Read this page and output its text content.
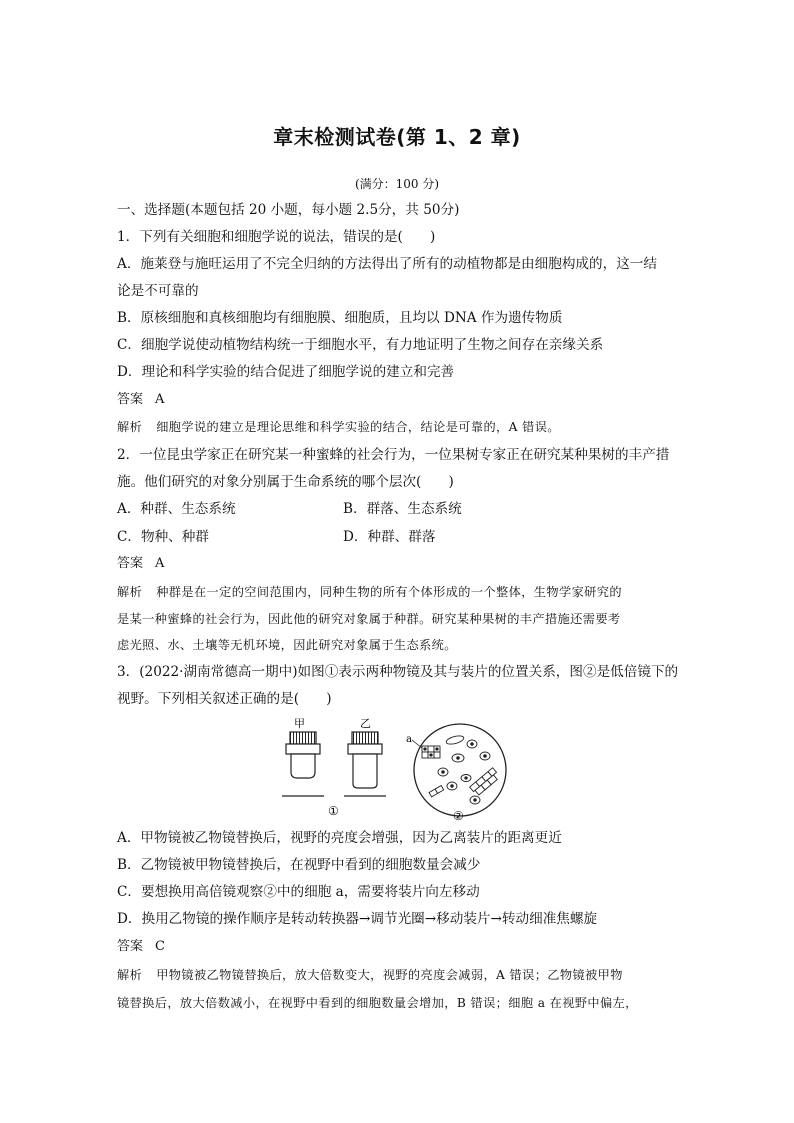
章末检测试卷(第 1、2 章)
(满分：100 分)
一、选择题(本题包括 20 小题，每小题 2.5分，共 50分)
1．下列有关细胞和细胞学说的说法，错误的是(　　)
A．施莱登与施旺运用了不完全归纳的方法得出了所有的动植物都是由细胞构成的，这一结
论是不可靠的
B．原核细胞和真核细胞均有细胞膜、细胞质，且均以 DNA 作为遗传物质
C．细胞学说使动植物结构统一于细胞水平，有力地证明了生物之间存在亲缘关系
D．理论和科学实验的结合促进了细胞学说的建立和完善
答案 A
解析 细胞学说的建立是理论思维和科学实验的结合，结论是可靠的，A 错误。
2．一位昆虫学家正在研究某一种蜜蜂的社会行为，一位果树专家正在研究某种果树的丰产措
施。他们研究的对象分别属于生命系统的哪个层次(　　)
A．种群、生态系统	B．群落、生态系统
C．物种、种群	D．种群、群落
答案 A
解析 种群是在一定的空间范围内，同种生物的所有个体形成的一个整体，生物学家研究的
是某一种蜜蜂的社会行为，因此他的研究对象属于种群。研究某种果树的丰产措施还需要考
虑光照、水、土壤等无机环境，因此研究对象属于生态系统。
3．(2022·湖南常德高一期中)如图①表示两种物镜及其与装片的位置关系，图②是低倍镜下的
视野。下列相关叙述正确的是(　　)
甲	乙
①
a
②
A．甲物镜被乙物镜替换后，视野的亮度会增强，因为乙离装片的距离更近
B．乙物镜被甲物镜替换后，在视野中看到的细胞数量会减少
C．要想换用高倍镜观察②中的细胞 a，需要将装片向左移动
D．换用乙物镜的操作顺序是转动转换器→调节光圈→移动装片→转动细准焦螺旋
答案 C
解析 甲物镜被乙物镜替换后，放大倍数变大，视野的亮度会减弱，A 错误；乙物镜被甲物
镜替换后，放大倍数减小，在视野中看到的细胞数量会增加，B 错误；细胞 a 在视野中偏左，
